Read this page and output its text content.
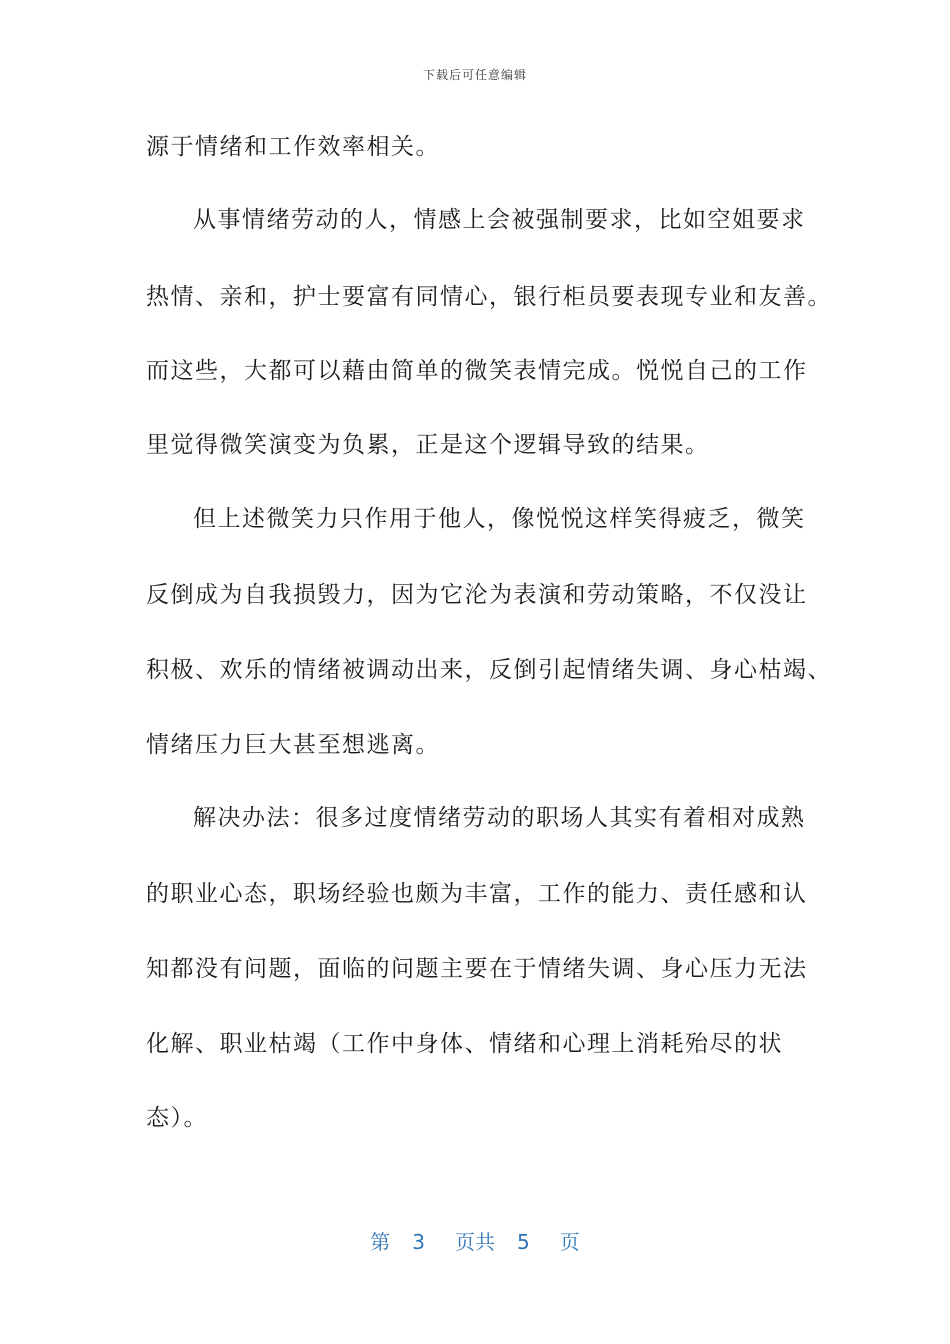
下载后可任意编辑
源于情绪和工作效率相关。
从事情绪劳动的人，情感上会被强制要求，比如空姐要求
热情、亲和，护士要富有同情心，银行柜员要表现专业和友善。
而这些，大都可以藉由简单的微笑表情完成。悦悦自己的工作
里觉得微笑演变为负累，正是这个逻辑导致的结果。
但上述微笑力只作用于他人，像悦悦这样笑得疲乏，微笑
反倒成为自我损毁力，因为它沦为表演和劳动策略，不仅没让
积极、欢乐的情绪被调动出来，反倒引起情绪失调、身心枯竭、
情绪压力巨大甚至想逃离。
解决办法：很多过度情绪劳动的职场人其实有着相对成熟
的职业心态，职场经验也颇为丰富，工作的能力、责任感和认
知都没有问题，面临的问题主要在于情绪失调、身心压力无法
化解、职业枯竭（工作中身体、情绪和心理上消耗殆尽的状
态）。
第 3 页共 5 页
